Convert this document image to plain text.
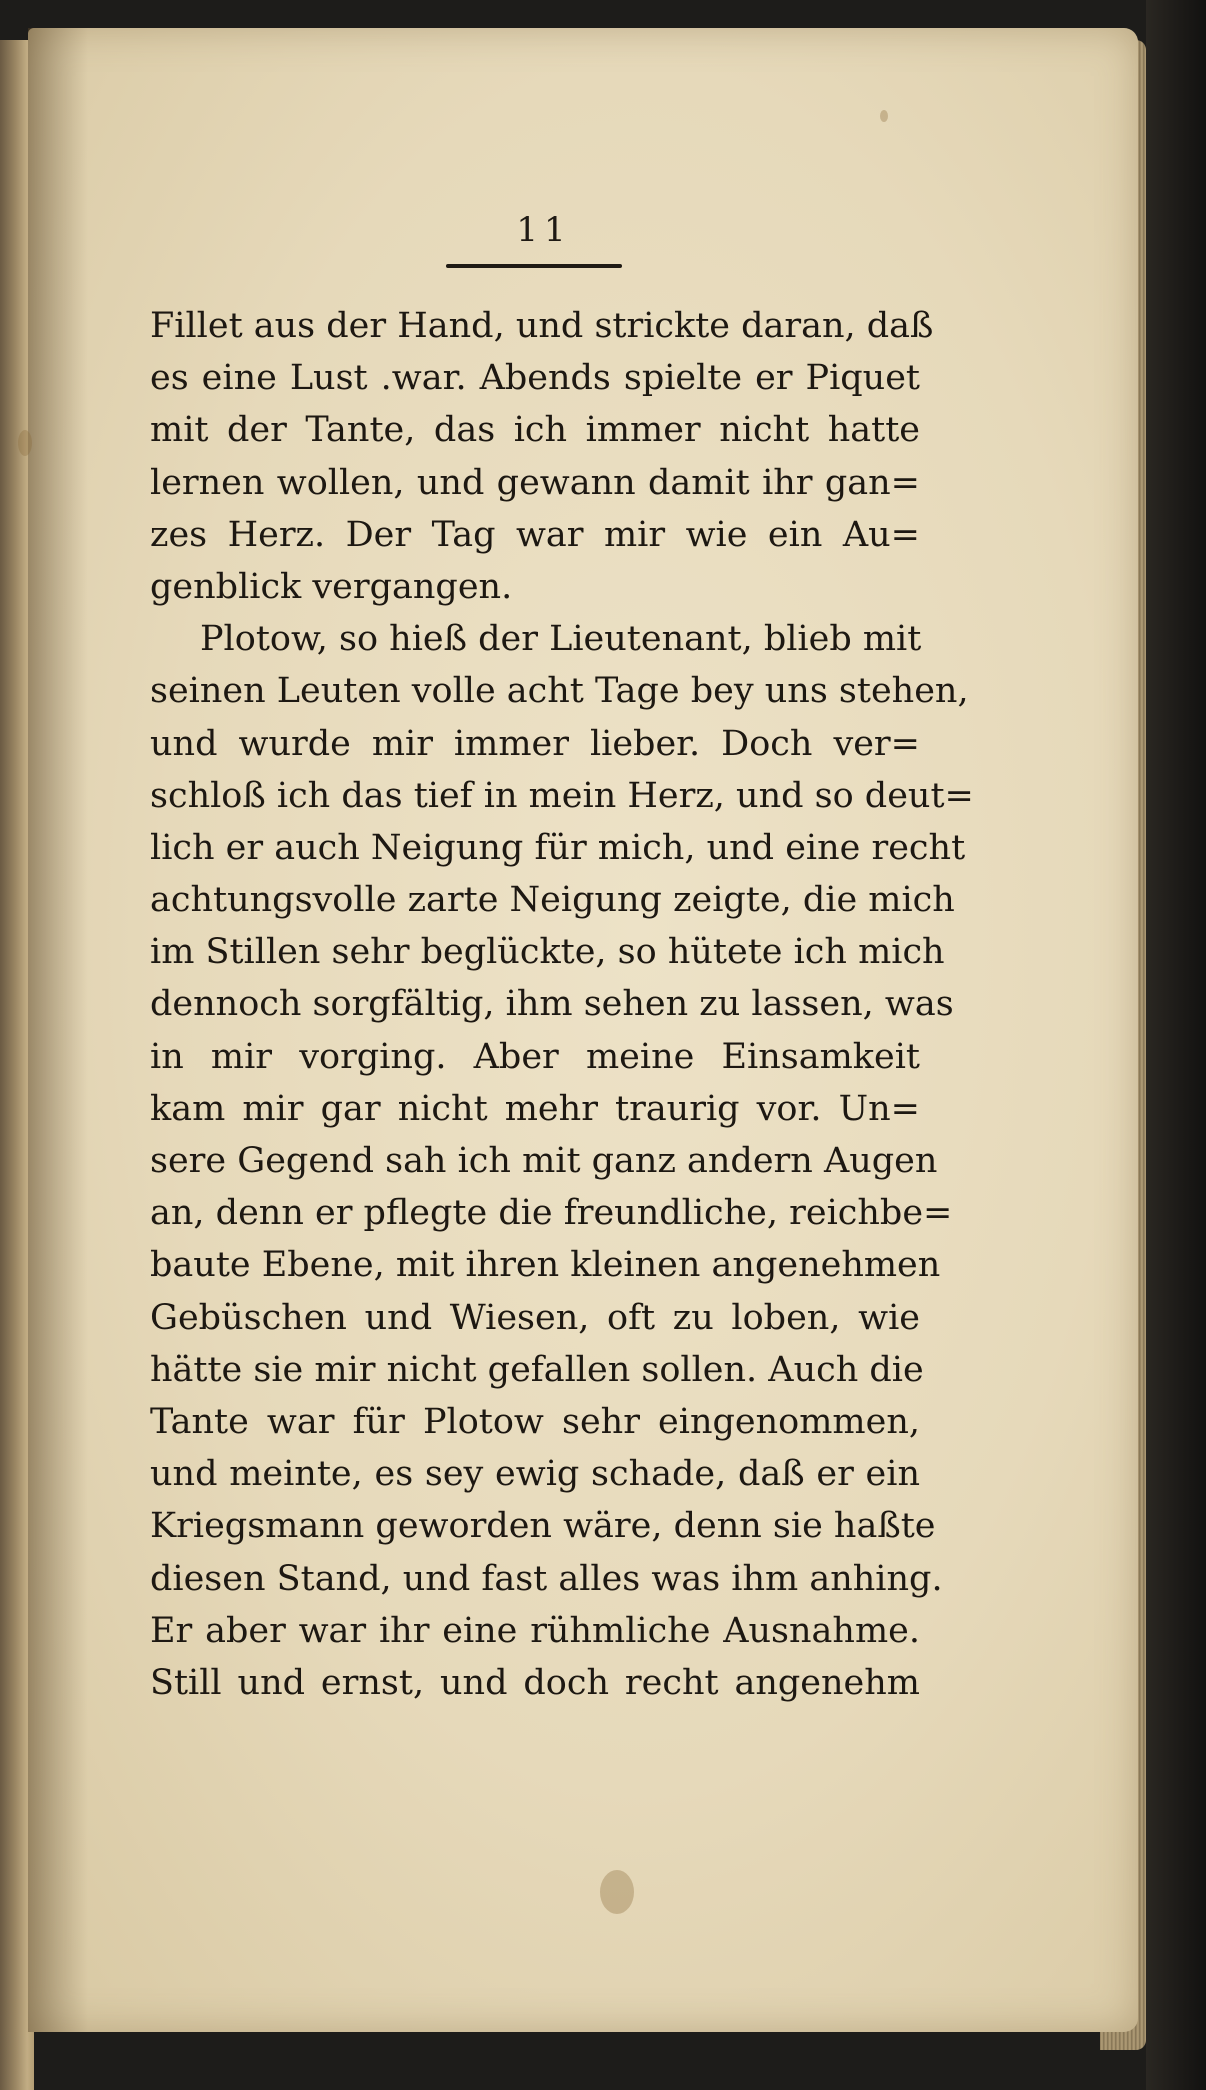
11
Fillet aus der Hand, und strickte daran, daß
es eine Lust .war. Abends spielte er Piquet
mit der Tante, das ich immer nicht hatte
lernen wollen, und gewann damit ihr gan=
zes Herz. Der Tag war mir wie ein Au=
genblick vergangen.
Plotow, so hieß der Lieutenant, blieb mit
seinen Leuten volle acht Tage bey uns stehen,
und wurde mir immer lieber. Doch ver=
schloß ich das tief in mein Herz, und so deut=
lich er auch Neigung für mich, und eine recht
achtungsvolle zarte Neigung zeigte, die mich
im Stillen sehr beglückte, so hütete ich mich
dennoch sorgfältig, ihm sehen zu lassen, was
in mir vorging. Aber meine Einsamkeit
kam mir gar nicht mehr traurig vor. Un=
sere Gegend sah ich mit ganz andern Augen
an, denn er pflegte die freundliche, reichbe=
baute Ebene, mit ihren kleinen angenehmen
Gebüschen und Wiesen, oft zu loben, wie
hätte sie mir nicht gefallen sollen. Auch die
Tante war für Plotow sehr eingenommen,
und meinte, es sey ewig schade, daß er ein
Kriegsmann geworden wäre, denn sie haßte
diesen Stand, und fast alles was ihm anhing.
Er aber war ihr eine rühmliche Ausnahme.
Still und ernst, und doch recht angenehm
